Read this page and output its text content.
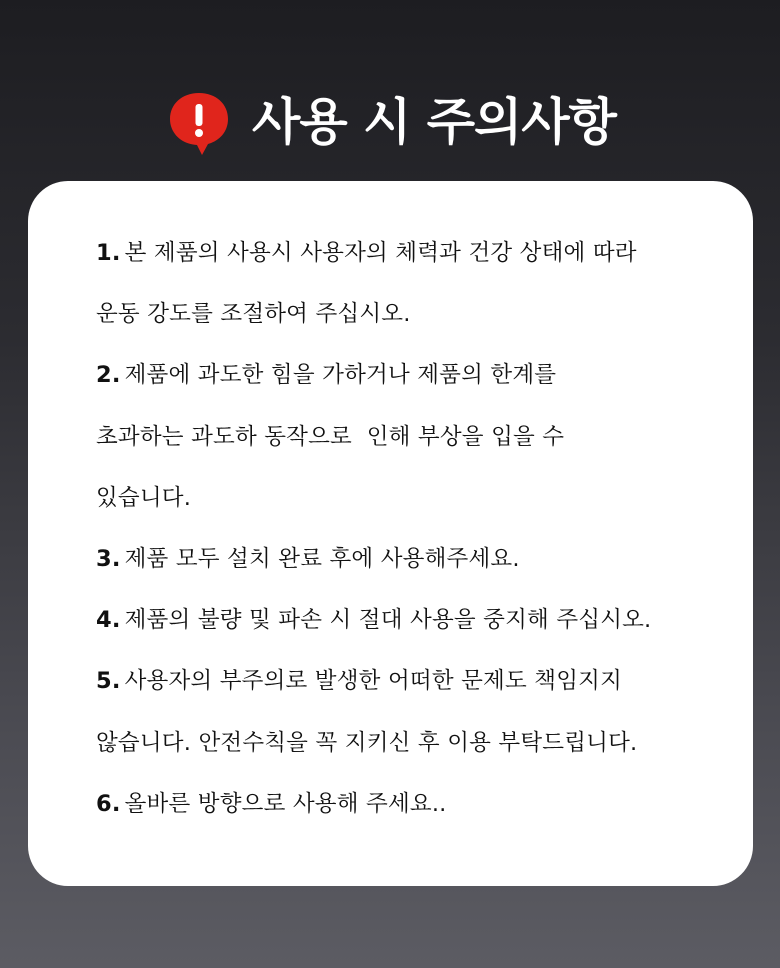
사용 시 주의사항
1. 본 제품의 사용시 사용자의 체력과 건강 상태에 따라
운동 강도를 조절하여 주십시오.
2. 제품에 과도한 힘을 가하거나 제품의 한계를
초과하는 과도하 동작으로  인해 부상을 입을 수
있습니다.
3. 제품 모두 설치 완료 후에 사용해주세요.
4. 제품의 불량 및 파손 시 절대 사용을 중지해 주십시오.
5. 사용자의 부주의로 발생한 어떠한 문제도 책임지지
않습니다. 안전수칙을 꼭 지키신 후 이용 부탁드립니다.
6. 올바른 방향으로 사용해 주세요..
